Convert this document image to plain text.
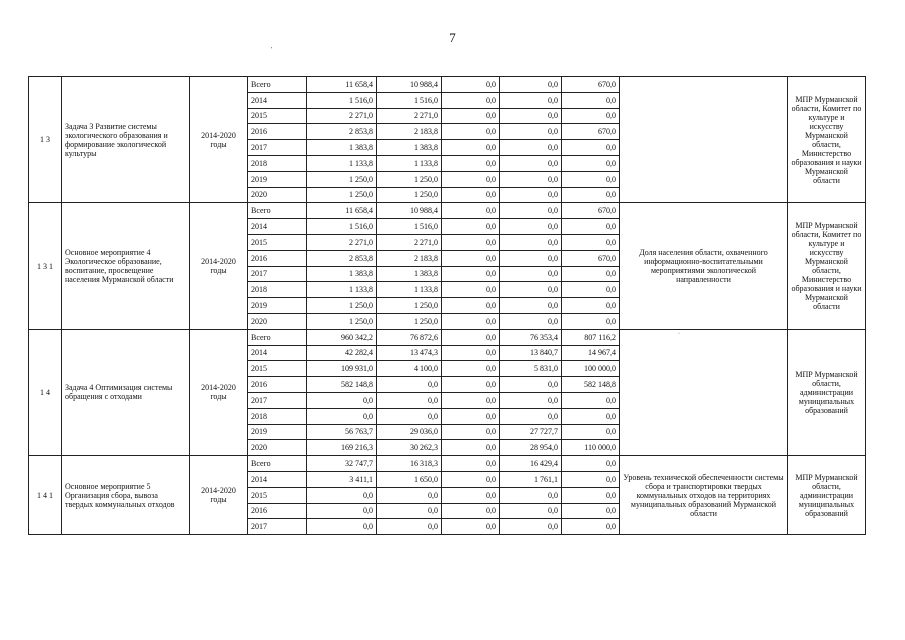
7
'
1 3	Задача 3 Развитие системы экологического образования и формирование экологической культуры	2014-2020 годы	Всего	11 658,4	10 988,4	0,0	0,0	670,0		МПР Мурманской области, Комитет по культуре и искусству Мурманской области, Министерство образования и науки Мурманской области
			2014	1 516,0	1 516,0	0,0	0,0	0,0		
			2015	2 271,0	2 271,0	0,0	0,0	0,0		
			2016	2 853,8	2 183,8	0,0	0,0	670,0		
			2017	1 383,8	1 383,8	0,0	0,0	0,0		
			2018	1 133,8	1 133,8	0,0	0,0	0,0		
			2019	1 250,0	1 250,0	0,0	0,0	0,0		
			2020	1 250,0	1 250,0	0,0	0,0	0,0		
1 3 1	Основное мероприятие 4 Экологическое образование, воспитание, просвещение населения Мурманской области	2014-2020 годы	Всего	11 658,4	10 988,4	0,0	0,0	670,0	Доля населения области, охваченного информационно-воспитательными мероприятиями экологической направленности	МПР Мурманской области, Комитет по культуре и искусству Мурманской области, Министерство образования и науки Мурманской области
			2014	1 516,0	1 516,0	0,0	0,0	0,0		
			2015	2 271,0	2 271,0	0,0	0,0	0,0		
			2016	2 853,8	2 183,8	0,0	0,0	670,0		
			2017	1 383,8	1 383,8	0,0	0,0	0,0		
			2018	1 133,8	1 133,8	0,0	0,0	0,0		
			2019	1 250,0	1 250,0	0,0	0,0	0,0		
			2020	1 250,0	1 250,0	0,0	0,0	0,0		
1 4	Задача 4 Оптимизация системы обращения с отходами	2014-2020 годы	Всего	960 342,2	76 872,6	0,0	76 353,4	807 116,2		МПР Мурманской области, администрации муниципальных образований
			2014	42 282,4	13 474,3	0,0	13 840,7	14 967,4		
			2015	109 931,0	4 100,0	0,0	5 831,0	100 000,0		
			2016	582 148,8	0,0	0,0	0,0	582 148,8		
			2017	0,0	0,0	0,0	0,0	0,0		
			2018	0,0	0,0	0,0	0,0	0,0		
			2019	56 763,7	29 036,0	0,0	27 727,7	0,0		
			2020	169 216,3	30 262,3	0,0	28 954,0	110 000,0		
1 4 1	Основное мероприятие 5 Организация сбора, вывоза твердых коммунальных отходов	2014-2020 годы	Всего	32 747,7	16 318,3	0,0	16 429,4	0,0	Уровень технической обеспеченности системы сбора и транспортировки твердых коммунальных отходов на территориях муниципальных образований Мурманской области	МПР Мурманской области, администрации муниципальных образований
			2014	3 411,1	1 650,0	0,0	1 761,1	0,0		
			2015	0,0	0,0	0,0	0,0	0,0		
			2016	0,0	0,0	0,0	0,0	0,0		
			2017	0,0	0,0	0,0	0,0	0,0		
·
